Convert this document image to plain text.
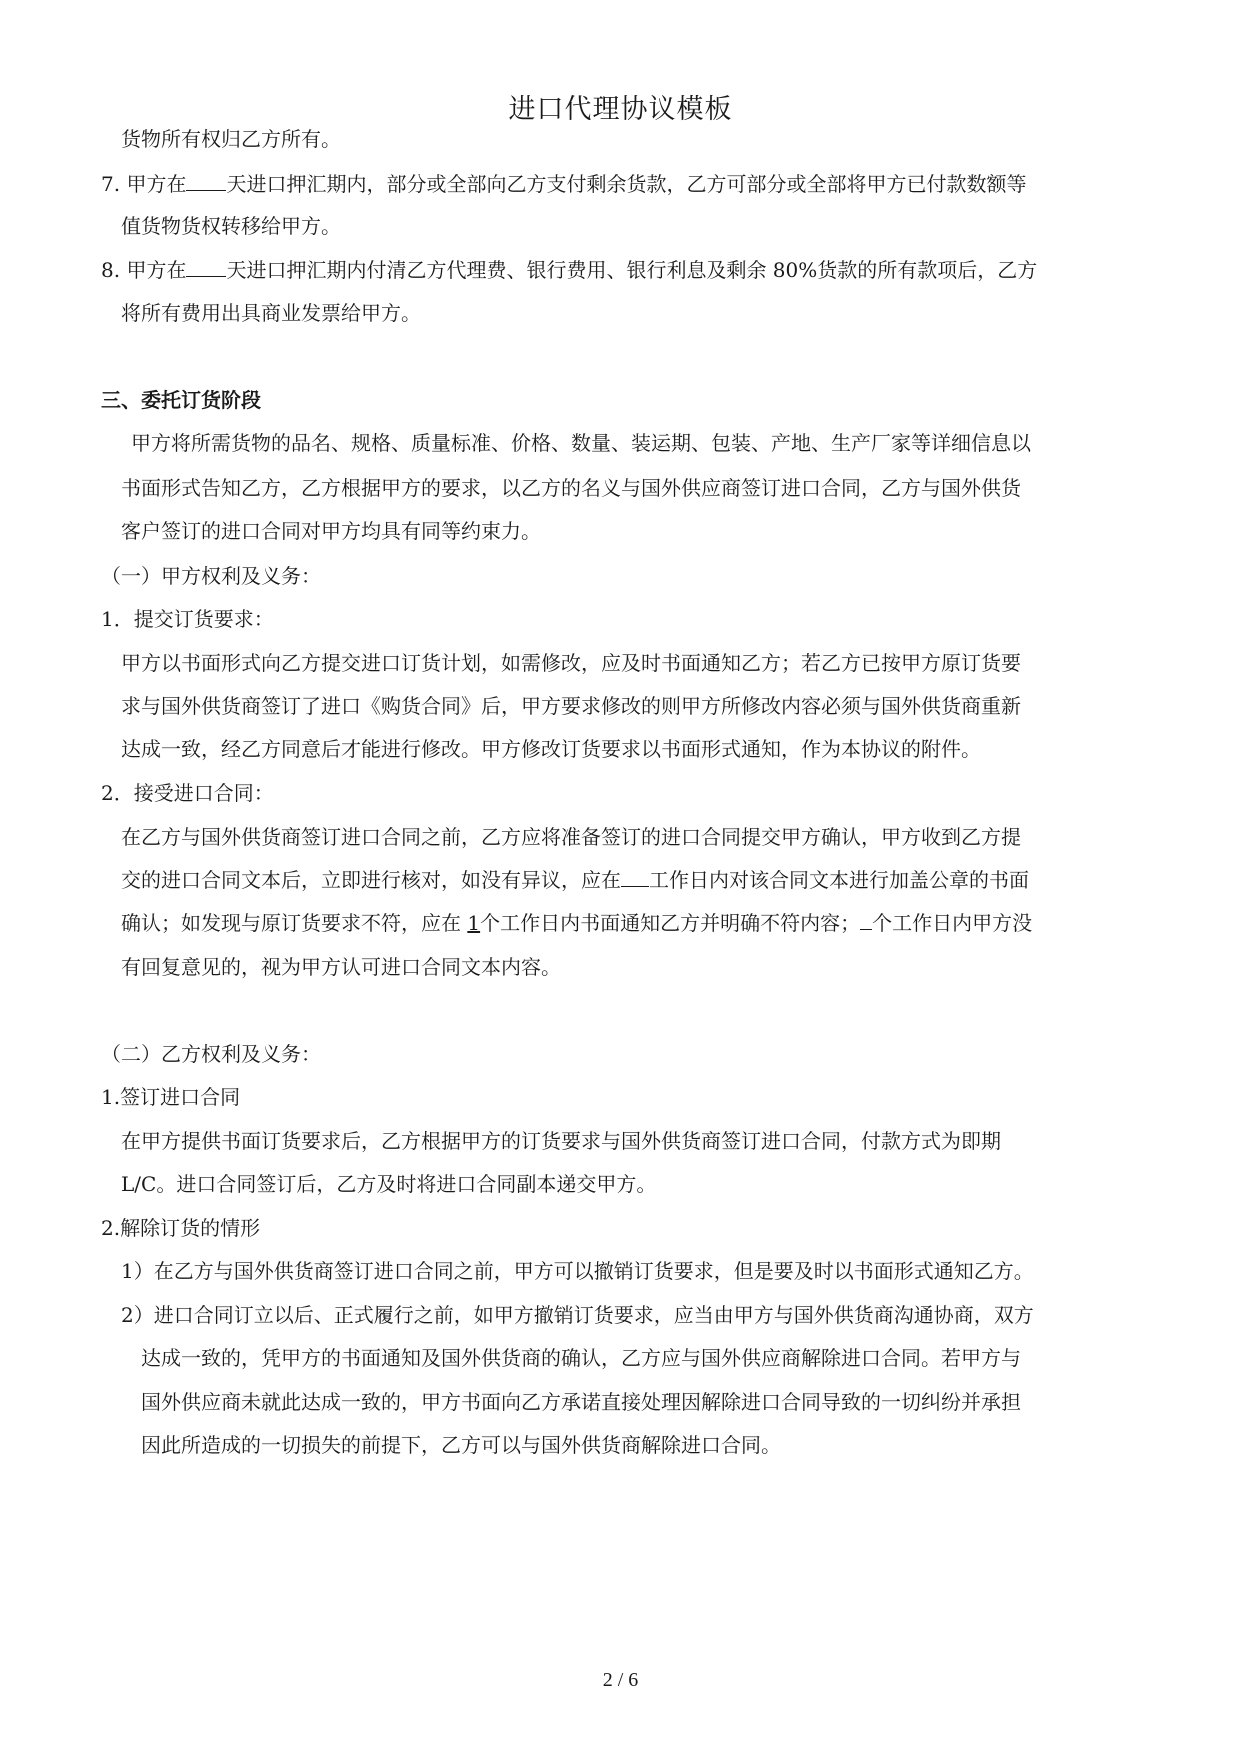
进口代理协议模板
货物所有权归乙方所有。
7. 甲方在 天进口押汇期内，部分或全部向乙方支付剩余货款，乙方可部分或全部将甲方已付款数额等
值货物货权转移给甲方。
8. 甲方在 天进口押汇期内付清乙方代理费、银行费用、银行利息及剩余 80%货款的所有款项后，乙方
将所有费用出具商业发票给甲方。
三、委托订货阶段
甲方将所需货物的品名、规格、质量标准、价格、数量、装运期、包装、产地、生产厂家等详细信息以
书面形式告知乙方，乙方根据甲方的要求，以乙方的名义与国外供应商签订进口合同，乙方与国外供货
客户签订的进口合同对甲方均具有同等约束力。
（一）甲方权利及义务：
1．提交订货要求：
甲方以书面形式向乙方提交进口订货计划，如需修改，应及时书面通知乙方；若乙方已按甲方原订货要
求与国外供货商签订了进口《购货合同》后，甲方要求修改的则甲方所修改内容必须与国外供货商重新
达成一致，经乙方同意后才能进行修改。甲方修改订货要求以书面形式通知，作为本协议的附件。
2．接受进口合同：
在乙方与国外供货商签订进口合同之前，乙方应将准备签订的进口合同提交甲方确认，甲方收到乙方提
交的进口合同文本后，立即进行核对，如没有异议，应在 工作日内对该合同文本进行加盖公章的书面
确认；如发现与原订货要求不符，应在 1个工作日内书面通知乙方并明确不符内容； 个工作日内甲方没
有回复意见的，视为甲方认可进口合同文本内容。
（二）乙方权利及义务：
1.签订进口合同
在甲方提供书面订货要求后，乙方根据甲方的订货要求与国外供货商签订进口合同，付款方式为即期
L/C。进口合同签订后，乙方及时将进口合同副本递交甲方。
2.解除订货的情形
1）在乙方与国外供货商签订进口合同之前，甲方可以撤销订货要求，但是要及时以书面形式通知乙方。
2）进口合同订立以后、正式履行之前，如甲方撤销订货要求，应当由甲方与国外供货商沟通协商，双方
达成一致的，凭甲方的书面通知及国外供货商的确认，乙方应与国外供应商解除进口合同。若甲方与
国外供应商未就此达成一致的，甲方书面向乙方承诺直接处理因解除进口合同导致的一切纠纷并承担
因此所造成的一切损失的前提下，乙方可以与国外供货商解除进口合同。
2 / 6
